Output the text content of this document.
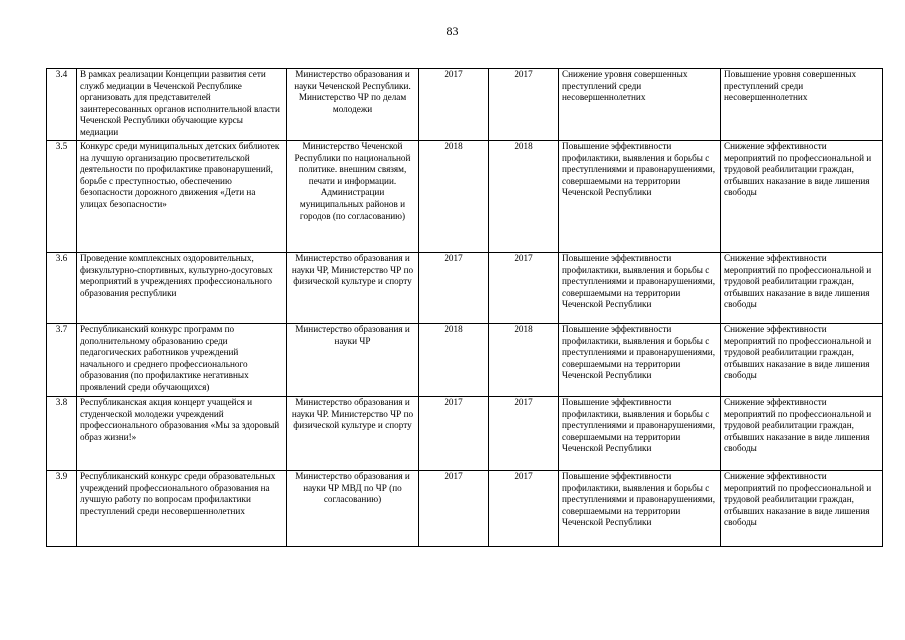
83
3.4	В рамках реализации Концепции развития сети служб медиации в Чеченской Республике организовать для представителей заинтересованных органов исполнительной власти Чеченской Республики обучающие курсы медиации	Министерство образования и науки Чеченской Республики. Министерство ЧР по делам молодежи	2017	2017	Снижение уровня совершенных преступлений среди несовершеннолетних	Повышение уровня совершенных преступлений среди несовершеннолетних
3.5	Конкурс среди муниципальных детских библиотек на лучшую организацию просветительской деятельности по профилактике правонарушений, борьбе с преступностью, обеспечению безопасности дорожного движения «Дети на улицах безопасности»	Министерство Чеченской Республики по национальной политике. внешним связям, печати и информации. Администрации муниципальных районов и городов (по согласованию)	2018	2018	Повышение эффективности профилактики, выявления и борьбы с преступлениями и правонарушениями, совершаемыми на территории Чеченской Республики	Снижение эффективности мероприятий по профессиональной и трудовой реабилитации граждан, отбывших наказание в виде лишения свободы
3.6	Проведение комплексных оздоровительных, физкультурно-спортивных, культурно-досуговых мероприятий в учреждениях профессионального образования республики	Министерство образования и науки ЧР, Министерство ЧР по физической культуре и спорту	2017	2017	Повышение эффективности профилактики, выявления и борьбы с преступлениями и правонарушениями, совершаемыми на территории Чеченской Республики	Снижение эффективности мероприятий по профессиональной и трудовой реабилитации граждан, отбывших наказание в виде лишения свободы
3.7	Республиканский конкурс программ по дополнительному образованию среди педагогических работников учреждений начального и среднего профессионального образования (по профилактике негативных проявлений среди обучающихся)	Министерство образования и науки ЧР	2018	2018	Повышение эффективности профилактики, выявления и борьбы с преступлениями и правонарушениями, совершаемыми на территории Чеченской Республики	Снижение эффективности мероприятий по профессиональной и трудовой реабилитации граждан, отбывших наказание в виде лишения свободы
3.8	Республиканская акция концерт учащейся и студенческой молодежи учреждений профессионального образования «Мы за здоровый образ жизни!»	Министерство образования и науки ЧР. Министерство ЧР по физической культуре и спорту	2017	2017	Повышение эффективности профилактики, выявления и борьбы с преступлениями и правонарушениями, совершаемыми на территории Чеченской Республики	Снижение эффективности мероприятий по профессиональной и трудовой реабилитации граждан, отбывших наказание в виде лишения свободы
3.9	Республиканский конкурс среди образовательных учреждений профессионального образования на лучшую работу по вопросам профилактики преступлений среди несовершеннолетних	Министерство образования и науки ЧР МВД по ЧР (по согласованию)	2017	2017	Повышение эффективности профилактики, выявления и борьбы с преступлениями и правонарушениями, совершаемыми на территории Чеченской Республики	Снижение эффективности мероприятий по профессиональной и трудовой реабилитации граждан, отбывших наказание в виде лишения свободы
